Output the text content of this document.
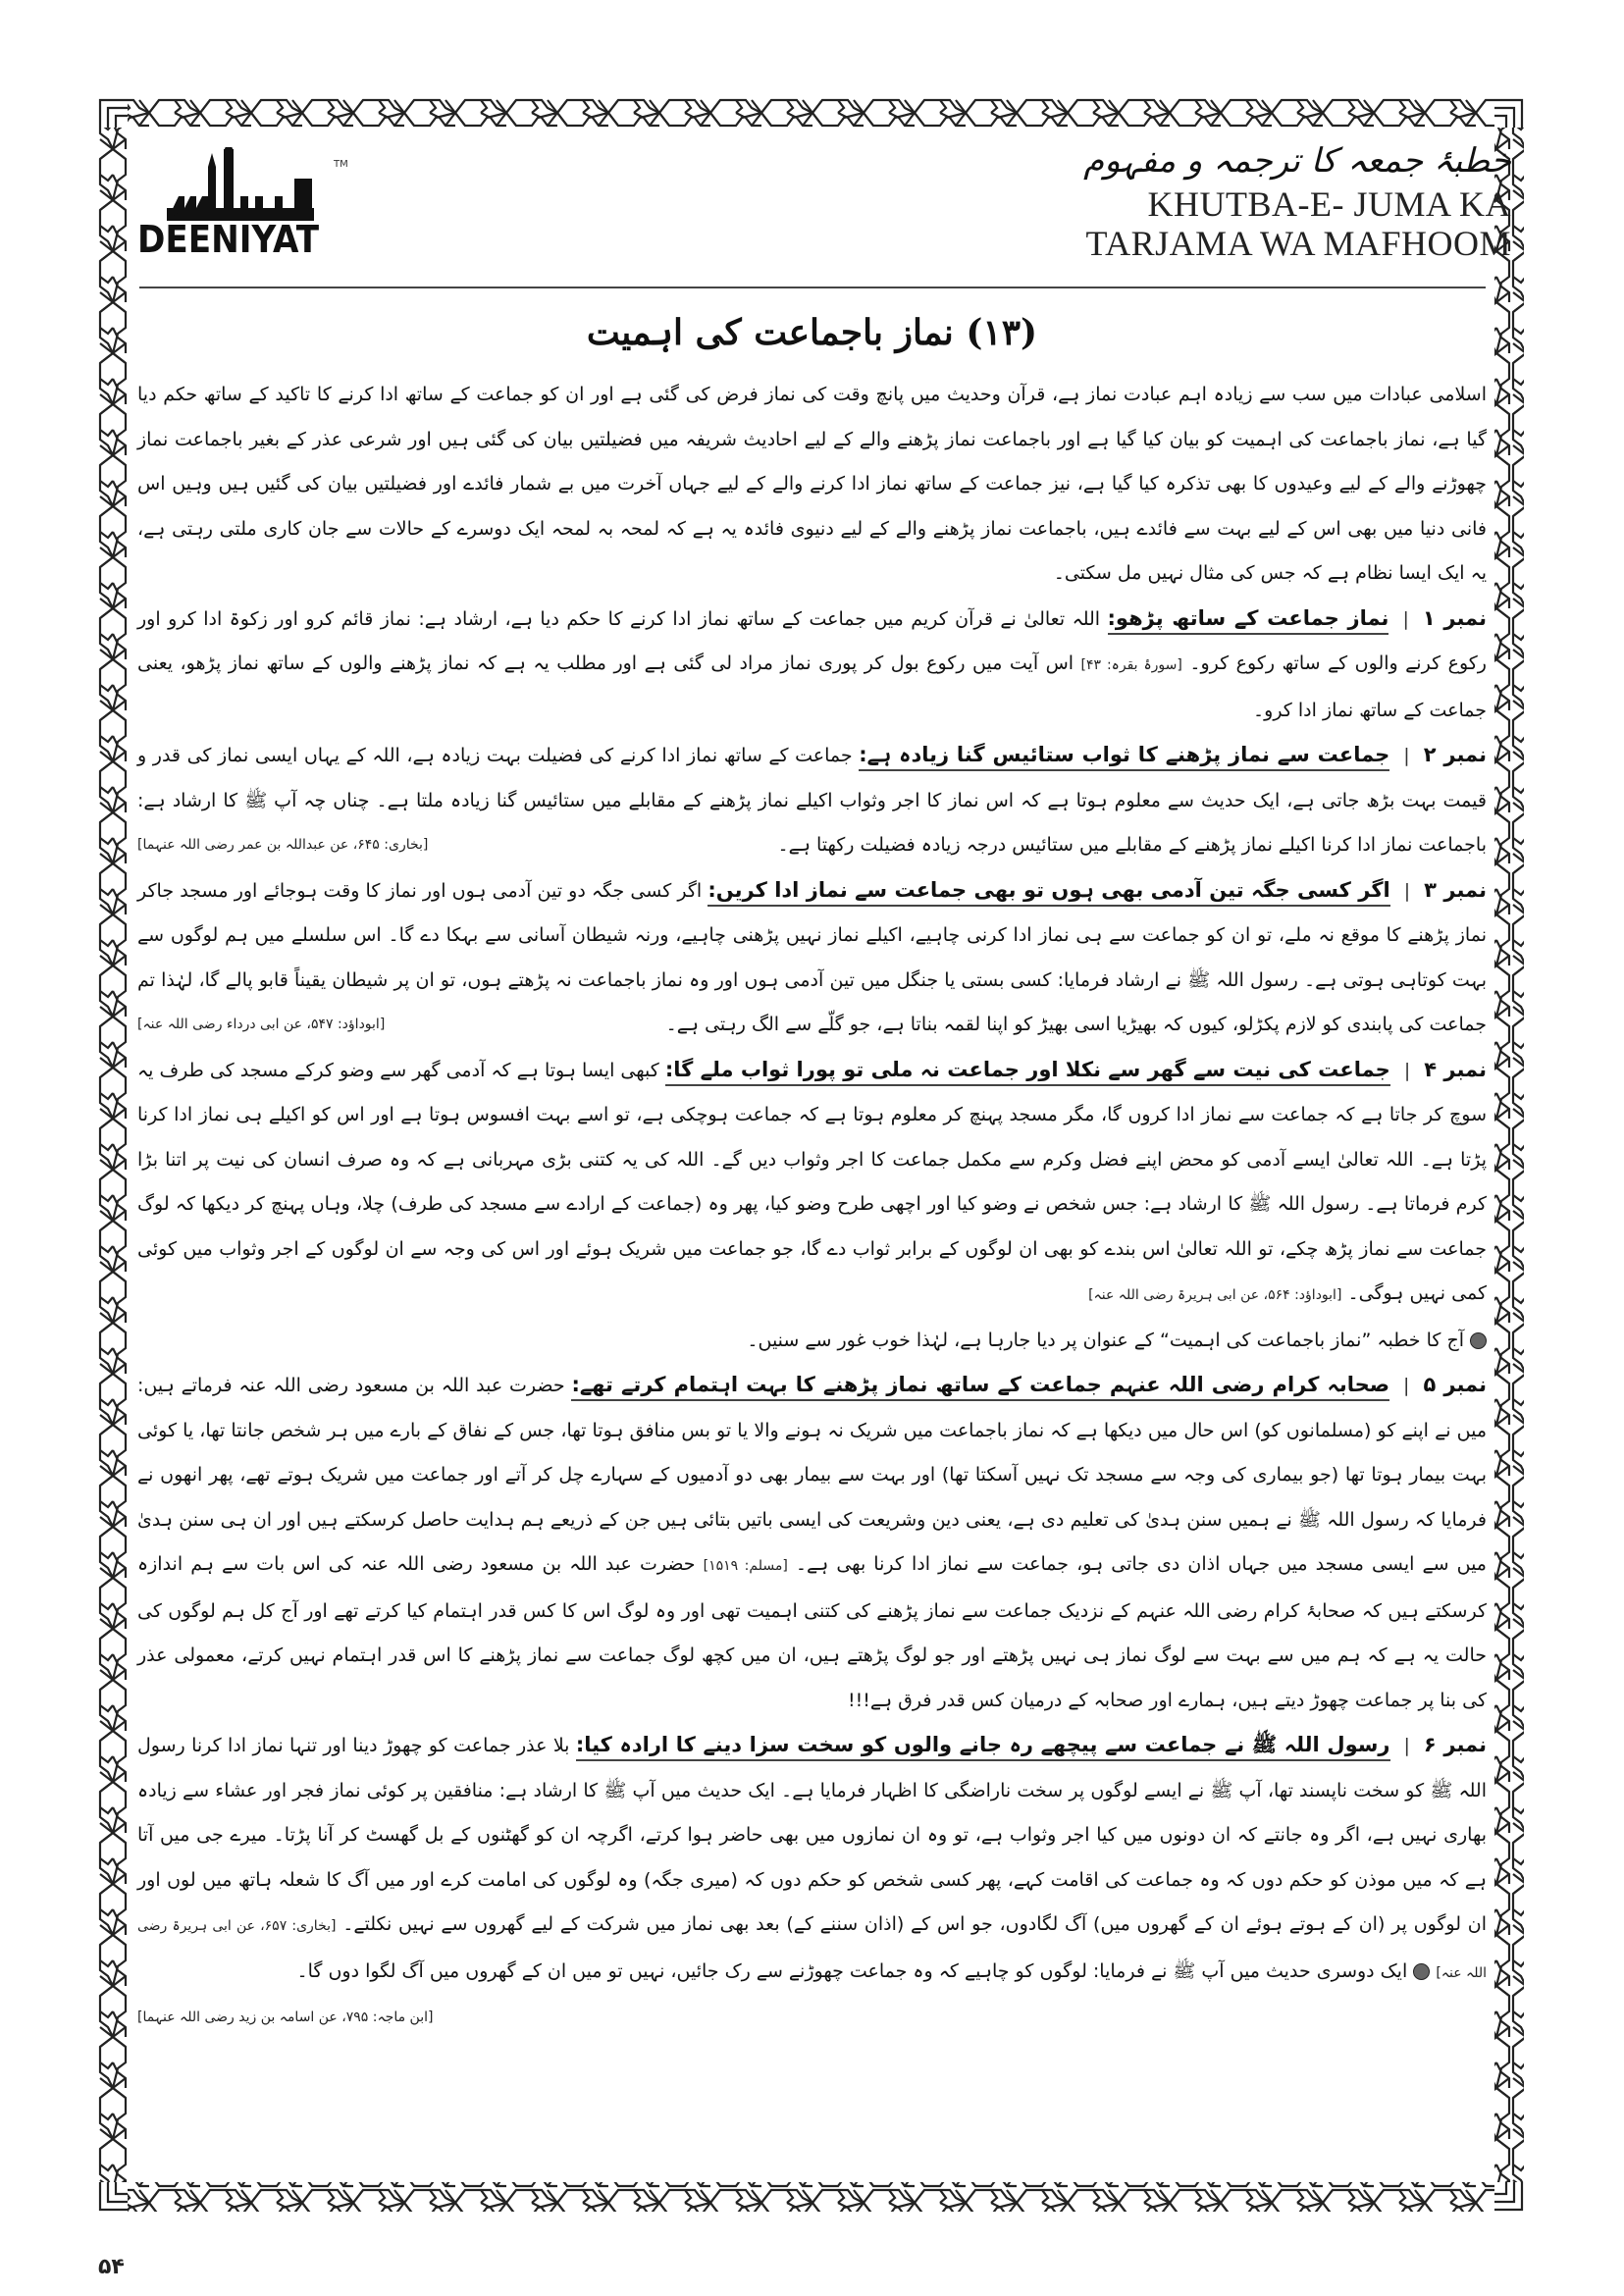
TM
DEENIYAT
خطبۂ جمعہ کا ترجمہ و مفہوم
KHUTBA-E- JUMA KA
TARJAMA WA MAFHOOM
(۱۳) نماز باجماعت کی اہمیت

اسلامی عبادات میں سب سے زیادہ اہم عبادت نماز ہے، قرآن وحدیث میں پانچ وقت کی نماز فرض کی گئی ہے اور ان کو جماعت کے ساتھ ادا کرنے کا تاکید کے ساتھ حکم دیا گیا ہے، نماز باجماعت کی اہمیت کو بیان کیا گیا ہے اور باجماعت نماز پڑھنے والے کے لیے احادیث شریفہ میں فضیلتیں بیان کی گئی ہیں اور شرعی عذر کے بغیر باجماعت نماز چھوڑنے والے کے لیے وعیدوں کا بھی تذکرہ کیا گیا ہے، نیز جماعت کے ساتھ نماز ادا کرنے والے کے لیے جہاں آخرت میں بے شمار فائدے اور فضیلتیں بیان کی گئیں ہیں وہیں اس فانی دنیا میں بھی اس کے لیے بہت سے فائدے ہیں، باجماعت نماز پڑھنے والے کے لیے دنیوی فائدہ یہ ہے کہ لمحہ بہ لمحہ ایک دوسرے کے حالات سے جان کاری ملتی رہتی ہے، یہ ایک ایسا نظام ہے کہ جس کی مثال نہیں مل سکتی۔

نمبر ۱|نماز جماعت کے ساتھ پڑھو: اللہ تعالیٰ نے قرآن کریم میں جماعت کے ساتھ نماز ادا کرنے کا حکم دیا ہے، ارشاد ہے: نماز قائم کرو اور زکوۃ ادا کرو اور رکوع کرنے والوں کے ساتھ رکوع کرو۔ [سورۂ بقرہ: ۴۳] اس آیت میں رکوع بول کر پوری نماز مراد لی گئی ہے اور مطلب یہ ہے کہ نماز پڑھنے والوں کے ساتھ نماز پڑھو، یعنی جماعت کے ساتھ نماز ادا کرو۔

نمبر ۲|جماعت سے نماز پڑھنے کا ثواب ستائیس گنا زیادہ ہے: جماعت کے ساتھ نماز ادا کرنے کی فضیلت بہت زیادہ ہے، اللہ کے یہاں ایسی نماز کی قدر و قیمت بہت بڑھ جاتی ہے، ایک حدیث سے معلوم ہوتا ہے کہ اس نماز کا اجر وثواب اکیلے نماز پڑھنے کے مقابلے میں ستائیس گنا زیادہ ملتا ہے۔ چناں چہ آپ ﷺ کا ارشاد ہے: باجماعت نماز ادا کرنا اکیلے نماز پڑھنے کے مقابلے میں ستائیس درجہ زیادہ فضیلت رکھتا ہے۔
[بخاری: ۶۴۵، عن عبداللہ بن عمر رضی اللہ عنہما]

نمبر ۳|اگر کسی جگہ تین آدمی بھی ہوں تو بھی جماعت سے نماز ادا کریں: اگر کسی جگہ دو تین آدمی ہوں اور نماز کا وقت ہوجائے اور مسجد جاکر نماز پڑھنے کا موقع نہ ملے، تو ان کو جماعت سے ہی نماز ادا کرنی چاہیے، اکیلے نماز نہیں پڑھنی چاہیے، ورنہ شیطان آسانی سے بہکا دے گا۔ اس سلسلے میں ہم لوگوں سے بہت کوتاہی ہوتی ہے۔ رسول اللہ ﷺ نے ارشاد فرمایا: کسی بستی یا جنگل میں تین آدمی ہوں اور وہ نماز باجماعت نہ پڑھتے ہوں، تو ان پر شیطان یقیناً قابو پالے گا، لہٰذا تم جماعت کی پابندی کو لازم پکڑلو، کیوں کہ بھیڑیا اسی بھیڑ کو اپنا لقمہ بناتا ہے، جو گلّے سے الگ رہتی ہے۔
[ابوداؤد: ۵۴۷، عن ابی درداء رضی اللہ عنہ]

نمبر ۴|جماعت کی نیت سے گھر سے نکلا اور جماعت نہ ملی تو پورا ثواب ملے گا: کبھی ایسا ہوتا ہے کہ آدمی گھر سے وضو کرکے مسجد کی طرف یہ سوچ کر جاتا ہے کہ جماعت سے نماز ادا کروں گا، مگر مسجد پہنچ کر معلوم ہوتا ہے کہ جماعت ہوچکی ہے، تو اسے بہت افسوس ہوتا ہے اور اس کو اکیلے ہی نماز ادا کرنا پڑتا ہے۔ اللہ تعالیٰ ایسے آدمی کو محض اپنے فضل وکرم سے مکمل جماعت کا اجر وثواب دیں گے۔ اللہ کی یہ کتنی بڑی مہربانی ہے کہ وہ صرف انسان کی نیت پر اتنا بڑا کرم فرماتا ہے۔ رسول اللہ ﷺ کا ارشاد ہے: جس شخص نے وضو کیا اور اچھی طرح وضو کیا، پھر وہ (جماعت کے ارادے سے مسجد کی طرف) چلا، وہاں پہنچ کر دیکھا کہ لوگ جماعت سے نماز پڑھ چکے، تو اللہ تعالیٰ اس بندے کو بھی ان لوگوں کے برابر ثواب دے گا، جو جماعت میں شریک ہوئے اور اس کی وجہ سے ان لوگوں کے اجر وثواب میں کوئی کمی نہیں ہوگی۔ [ابوداؤد: ۵۶۴، عن ابی ہریرۃ رضی اللہ عنہ]

آج کا خطبہ ”نماز باجماعت کی اہمیت“ کے عنوان پر دیا جارہا ہے، لہٰذا خوب غور سے سنیں۔

نمبر ۵|صحابہ کرام رضی اللہ عنہم جماعت کے ساتھ نماز پڑھنے کا بہت اہتمام کرتے تھے: حضرت عبد اللہ بن مسعود رضی اللہ عنہ فرماتے ہیں: میں نے اپنے کو (مسلمانوں کو) اس حال میں دیکھا ہے کہ نماز باجماعت میں شریک نہ ہونے والا یا تو بس منافق ہوتا تھا، جس کے نفاق کے بارے میں ہر شخص جانتا تھا، یا کوئی بہت بیمار ہوتا تھا (جو بیماری کی وجہ سے مسجد تک نہیں آسکتا تھا) اور بہت سے بیمار بھی دو آدمیوں کے سہارے چل کر آتے اور جماعت میں شریک ہوتے تھے، پھر انھوں نے فرمایا کہ رسول اللہ ﷺ نے ہمیں سنن ہدیٰ کی تعلیم دی ہے، یعنی دین وشریعت کی ایسی باتیں بتائی ہیں جن کے ذریعے ہم ہدایت حاصل کرسکتے ہیں اور ان ہی سنن ہدیٰ میں سے ایسی مسجد میں جہاں اذان دی جاتی ہو، جماعت سے نماز ادا کرنا بھی ہے۔ [مسلم: ۱۵۱۹] حضرت عبد اللہ بن مسعود رضی اللہ عنہ کی اس بات سے ہم اندازہ کرسکتے ہیں کہ صحابۂ کرام رضی اللہ عنہم کے نزدیک جماعت سے نماز پڑھنے کی کتنی اہمیت تھی اور وہ لوگ اس کا کس قدر اہتمام کیا کرتے تھے اور آج کل ہم لوگوں کی حالت یہ ہے کہ ہم میں سے بہت سے لوگ نماز ہی نہیں پڑھتے اور جو لوگ پڑھتے ہیں، ان میں کچھ لوگ جماعت سے نماز پڑھنے کا اس قدر اہتمام نہیں کرتے، معمولی عذر کی بنا پر جماعت چھوڑ دیتے ہیں، ہمارے اور صحابہ کے درمیان کس قدر فرق ہے!!!

نمبر ۶|رسول اللہ ﷺ نے جماعت سے پیچھے رہ جانے والوں کو سخت سزا دینے کا ارادہ کیا: بلا عذر جماعت کو چھوڑ دینا اور تنہا نماز ادا کرنا رسول اللہ ﷺ کو سخت ناپسند تھا، آپ ﷺ نے ایسے لوگوں پر سخت ناراضگی کا اظہار فرمایا ہے۔ ایک حدیث میں آپ ﷺ کا ارشاد ہے: منافقین پر کوئی نماز فجر اور عشاء سے زیادہ بھاری نہیں ہے، اگر وہ جانتے کہ ان دونوں میں کیا اجر وثواب ہے، تو وہ ان نمازوں میں بھی حاضر ہوا کرتے، اگرچہ ان کو گھٹنوں کے بل گھسٹ کر آنا پڑتا۔ میرے جی میں آتا ہے کہ میں موذن کو حکم دوں کہ وہ جماعت کی اقامت کہے، پھر کسی شخص کو حکم دوں کہ (میری جگہ) وہ لوگوں کی امامت کرے اور میں آگ کا شعلہ ہاتھ میں لوں اور ان لوگوں پر (ان کے ہوتے ہوئے ان کے گھروں میں) آگ لگادوں، جو اس کے (اذان سننے کے) بعد بھی نماز میں شرکت کے لیے گھروں سے نہیں نکلتے۔ [بخاری: ۶۵۷، عن ابی ہریرۃ رضی اللہ عنہ] ایک دوسری حدیث میں آپ ﷺ نے فرمایا: لوگوں کو چاہیے کہ وہ جماعت چھوڑنے سے رک جائیں، نہیں تو میں ان کے گھروں میں آگ لگوا دوں گا۔
[ابن ماجہ: ۷۹۵، عن اسامہ بن زید رضی اللہ عنہما]

۵۴
